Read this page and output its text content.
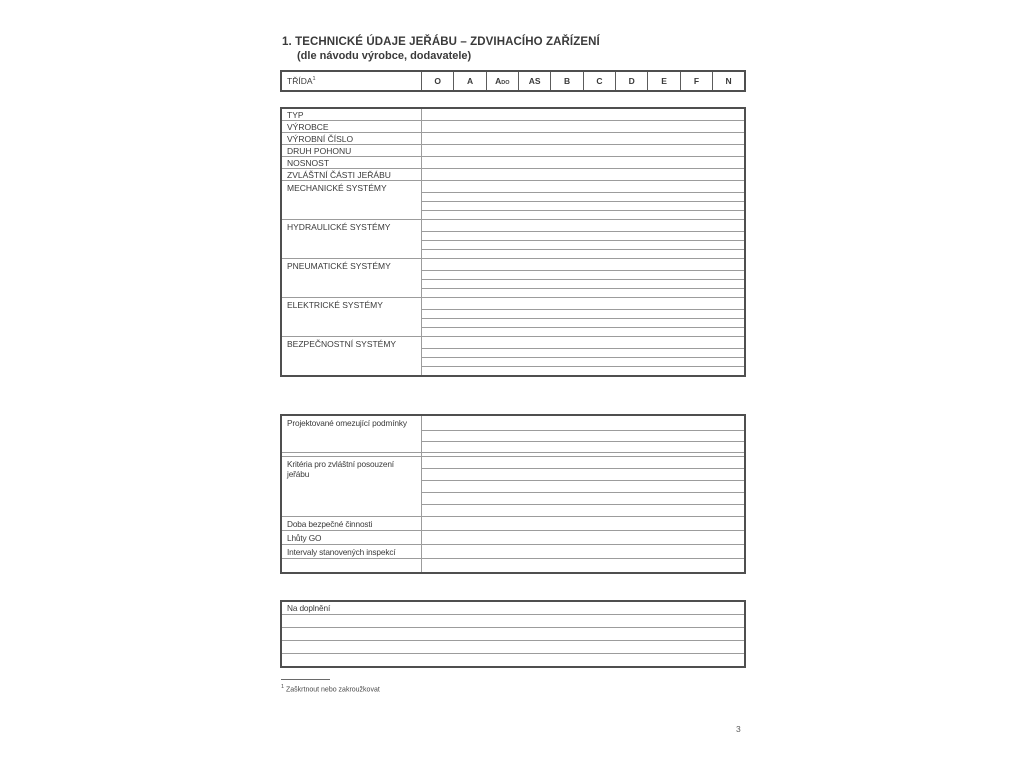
1. TECHNICKÉ ÚDAJE JEŘÁBU – ZDVIHACÍHO ZAŘÍZENÍ
(dle návodu výrobce, dodavatele)
TŘÍDA$^1$	O	A	ADO	AS	B	C	D	E	F	N
TYP	
VÝROBCE	
VÝROBNÍ ČÍSLO	
DRUH POHONU	
NOSNOST	
ZVLÁŠTNÍ ČÁSTI JEŘÁBU	
MECHANICKÉ SYSTÉMY	

HYDRAULICKÉ SYSTÉMY	

PNEUMATICKÉ SYSTÉMY	

ELEKTRICKÉ SYSTÉMY	

BEZPEČNOSTNÍ SYSTÉMY	

Projektované omezující podmínky	

Kritéria pro zvláštní posouzení jeřábu	

Doba bezpečné činnosti	
Lhůty GO	
Intervaly stanovených inspekcí	

Na doplnění

$^1$ Zaškrtnout nebo zakroužkovat
3
